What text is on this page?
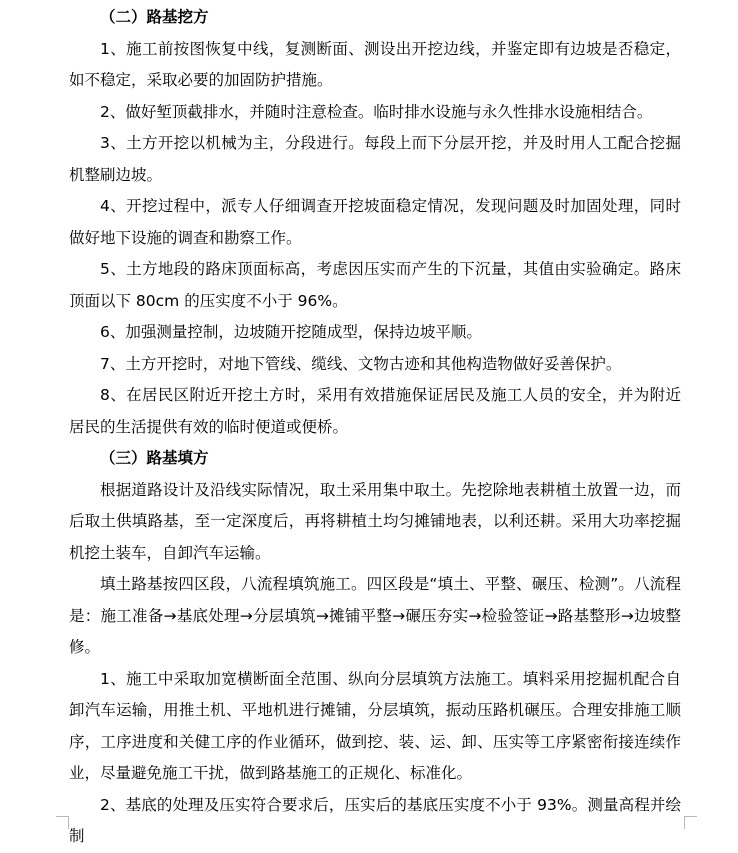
（二）路基挖方

1、施工前按图恢复中线，复测断面、测设出开挖边线，并鉴定即有边坡是否稳定，如不稳定，采取必要的加固防护措施。

2、做好堑顶截排水，并随时注意检查。临时排水设施与永久性排水设施相结合。

3、土方开挖以机械为主，分段进行。每段上而下分层开挖，并及时用人工配合挖掘机整刷边坡。

4、开挖过程中，派专人仔细调查开挖坡面稳定情况，发现问题及时加固处理，同时做好地下设施的调查和勘察工作。

5、土方地段的路床顶面标高，考虑因压实而产生的下沉量，其值由实验确定。路床顶面以下 80cm 的压实度不小于 96%。

6、加强测量控制，边坡随开挖随成型，保持边坡平顺。

7、土方开挖时，对地下管线、缆线、文物古迹和其他构造物做好妥善保护。

8、在居民区附近开挖土方时，采用有效措施保证居民及施工人员的安全，并为附近居民的生活提供有效的临时便道或便桥。

（三）路基填方

根据道路设计及沿线实际情况，取土采用集中取土。先挖除地表耕植土放置一边，而后取土供填路基，至一定深度后，再将耕植土均匀摊铺地表，以利还耕。采用大功率挖掘机挖土装车，自卸汽车运输。

填土路基按四区段，八流程填筑施工。四区段是“填土、平整、碾压、检测”。八流程是：施工准备→基底处理→分层填筑→摊铺平整→碾压夯实→检验签证→路基整形→边坡整修。

1、施工中采取加宽横断面全范围、纵向分层填筑方法施工。填料采用挖掘机配合自卸汽车运输，用推土机、平地机进行摊铺，分层填筑，振动压路机碾压。合理安排施工顺序，工序进度和关健工序的作业循环，做到挖、装、运、卸、压实等工序紧密衔接连续作业，尽量避免施工干扰，做到路基施工的正规化、标准化。

2、基底的处理及压实符合要求后，压实后的基底压实度不小于 93%。测量高程并绘制
